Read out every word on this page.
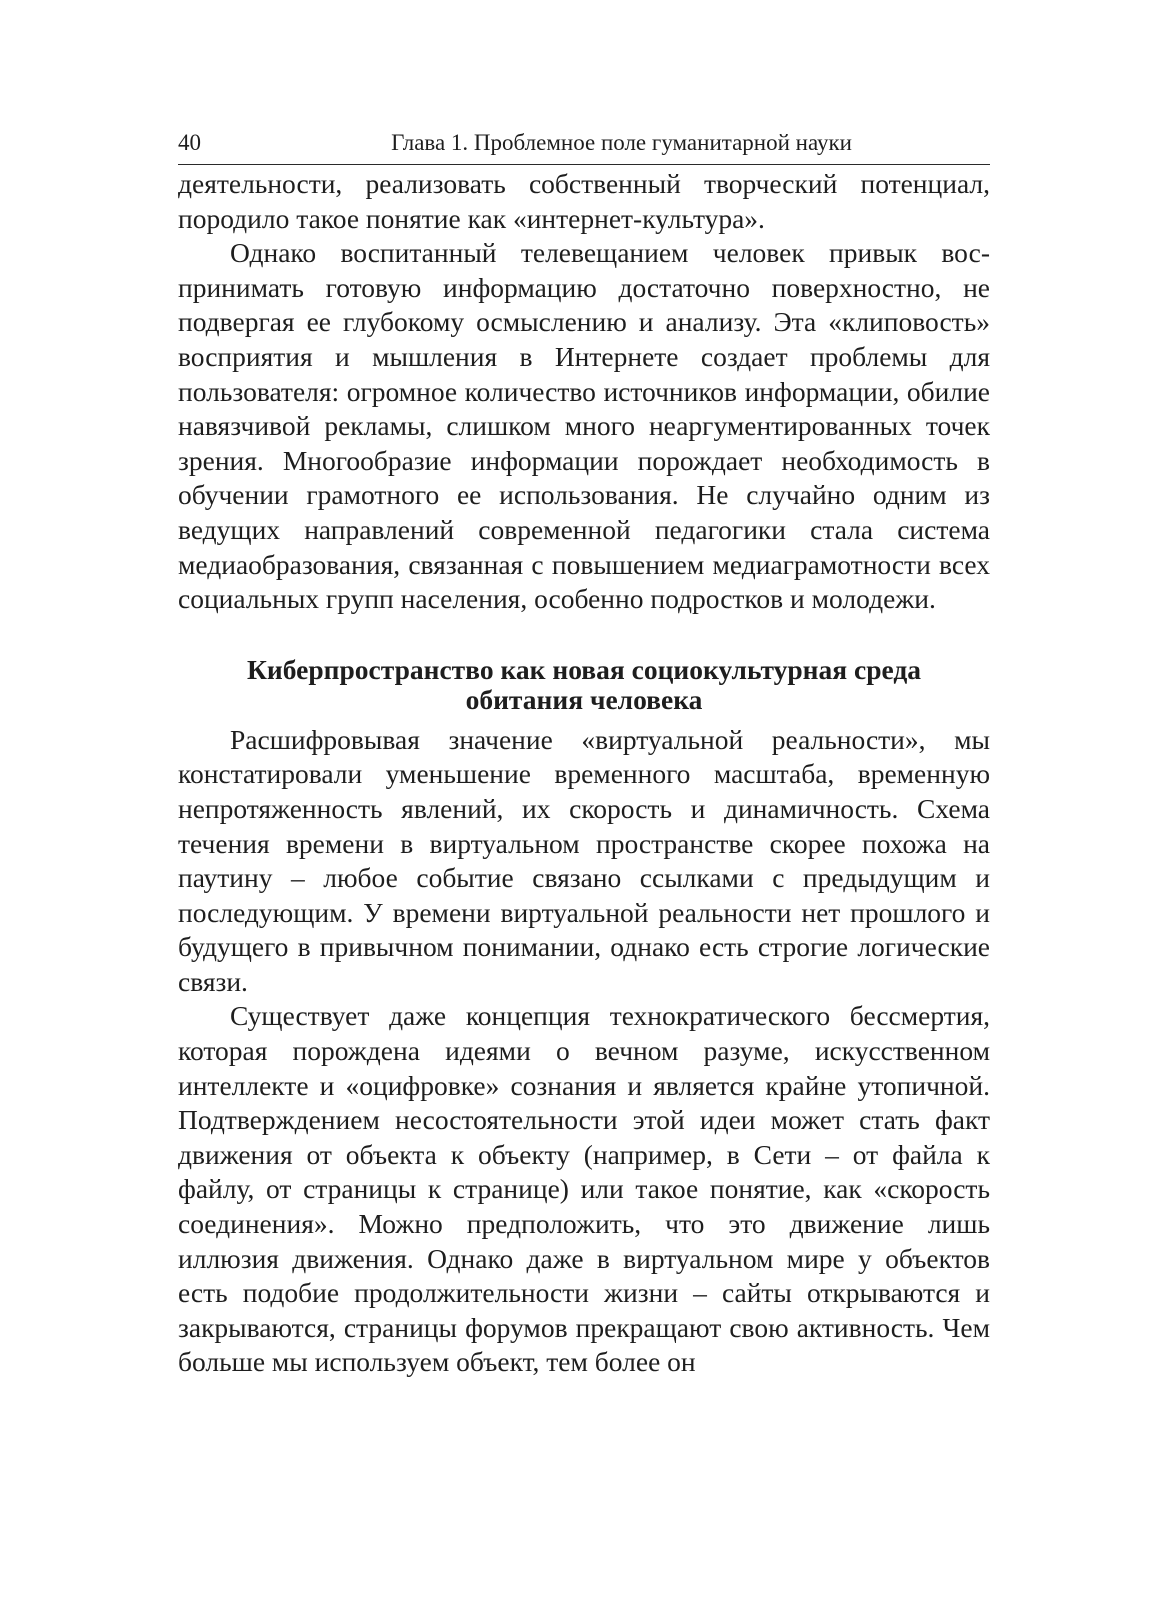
40	Глава 1. Проблемное поле гуманитарной науки

деятельности, реализовать собственный творческий потенциал, породило такое понятие как «интернет-культура».

Однако воспитанный телевещанием человек привык воспринимать готовую информацию достаточно поверхностно, не подвергая ее глубокому осмыслению и анализу. Эта «клиповость» восприятия и мышления в Интернете создает проблемы для пользователя: огромное количество источников информации, обилие навязчивой рекламы, слишком много неаргументированных точек зрения. Многообразие информации порождает необходимость в обучении грамотного ее использования. Не случайно одним из ведущих направлений современной педагогики стала система медиаобразования, связанная с повышением медиаграмотности всех социальных групп населения, особенно подростков и молодежи.

Киберпространство как новая социокультурная среда
обитания человека

Расшифровывая значение «виртуальной реальности», мы констатировали уменьшение временного масштаба, временную непротяженность явлений, их скорость и динамичность. Схема течения времени в виртуальном пространстве скорее похожа на паутину – любое событие связано ссылками с предыдущим и последующим. У времени виртуальной реальности нет прошлого и будущего в привычном понимании, однако есть строгие логические связи.

Существует даже концепция технократического бессмертия, которая порождена идеями о вечном разуме, искусственном интеллекте и «оцифровке» сознания и является крайне утопичной. Подтверждением несостоятельности этой идеи может стать факт движения от объекта к объекту (например, в Сети – от файла к файлу, от страницы к странице) или такое понятие, как «скорость соединения». Можно предположить, что это движение лишь иллюзия движения. Однако даже в виртуальном мире у объектов есть подобие продолжительности жизни – сайты открываются и закрываются, страницы форумов прекращают свою активность. Чем больше мы используем объект, тем более он
